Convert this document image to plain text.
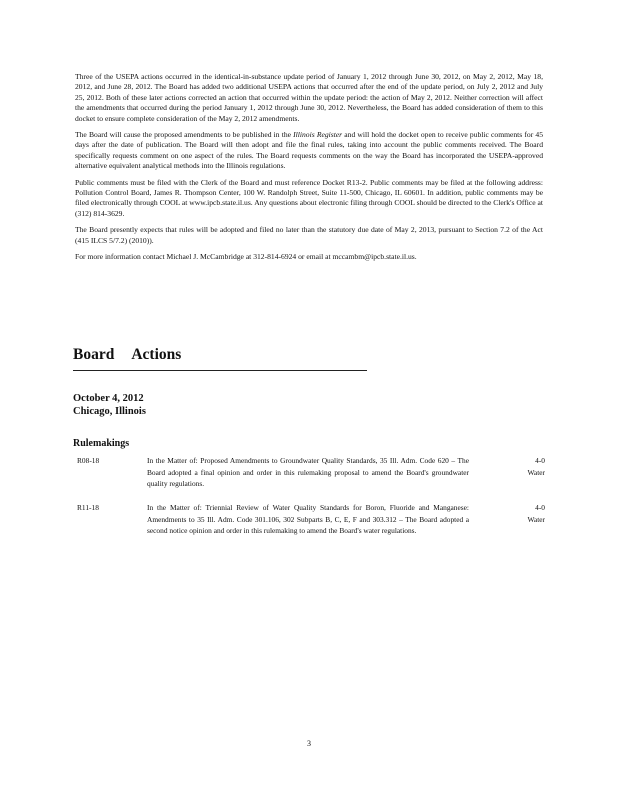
Three of the USEPA actions occurred in the identical-in-substance update period of January 1, 2012 through June 30, 2012, on May 2, 2012, May 18, 2012, and June 28, 2012. The Board has added two additional USEPA actions that occurred after the end of the update period, on July 2, 2012 and July 25, 2012. Both of these later actions corrected an action that occurred within the update period: the action of May 2, 2012. Neither correction will affect the amendments that occurred during the period January 1, 2012 through June 30, 2012. Nevertheless, the Board has added consideration of them to this docket to ensure complete consideration of the May 2, 2012 amendments.

The Board will cause the proposed amendments to be published in the Illinois Register and will hold the docket open to receive public comments for 45 days after the date of publication. The Board will then adopt and file the final rules, taking into account the public comments received. The Board specifically requests comment on one aspect of the rules. The Board requests comments on the way the Board has incorporated the USEPA-approved alternative equivalent analytical methods into the Illinois regulations.

Public comments must be filed with the Clerk of the Board and must reference Docket R13-2. Public comments may be filed at the following address: Pollution Control Board, James R. Thompson Center, 100 W. Randolph Street, Suite 11-500, Chicago, IL 60601. In addition, public comments may be filed electronically through COOL at www.ipcb.state.il.us. Any questions about electronic filing through COOL should be directed to the Clerk's Office at (312) 814-3629.

The Board presently expects that rules will be adopted and filed no later than the statutory due date of May 2, 2013, pursuant to Section 7.2 of the Act (415 ILCS 5/7.2) (2010)).

For more information contact Michael J. McCambridge at 312-814-6924 or email at mccambm@ipcb.state.il.us.

Board Actions
October 4, 2012
Chicago, Illinois
Rulemakings
R08-18	In the Matter of: Proposed Amendments to Groundwater Quality Standards, 35 Ill. Adm. Code 620 – The Board adopted a final opinion and order in this rulemaking proposal to amend the Board's groundwater quality regulations.
4-0
Water
R11-18	In the Matter of: Triennial Review of Water Quality Standards for Boron, Fluoride and Manganese: Amendments to 35 Ill. Adm. Code 301.106, 302 Subparts B, C, E, F and 303.312 – The Board adopted a second notice opinion and order in this rulemaking to amend the Board's water regulations.
4-0
Water
3
